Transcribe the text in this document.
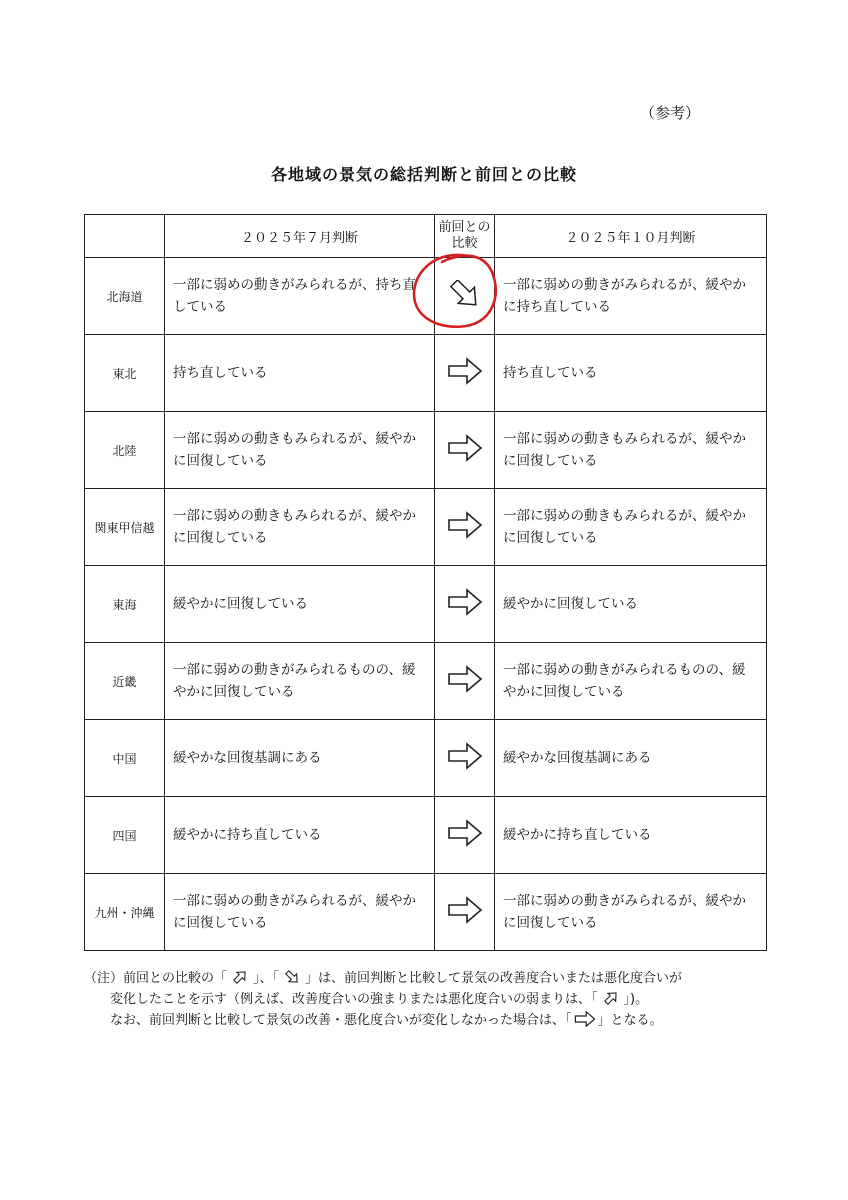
（参考）
各地域の景気の総括判断と前回との比較
	２０２５年７月判断	前回との比較	２０２５年１０月判断
北海道	一部に弱めの動きがみられるが、持ち直している		一部に弱めの動きがみられるが、緩やかに持ち直している
東北	持ち直している		持ち直している
北陸	一部に弱めの動きもみられるが、緩やかに回復している		一部に弱めの動きもみられるが、緩やかに回復している
関東甲信越	一部に弱めの動きもみられるが、緩やかに回復している		一部に弱めの動きもみられるが、緩やかに回復している
東海	緩やかに回復している		緩やかに回復している
近畿	一部に弱めの動きがみられるものの、緩やかに回復している		一部に弱めの動きがみられるものの、緩やかに回復している
中国	緩やかな回復基調にある		緩やかな回復基調にある
四国	緩やかに持ち直している		緩やかに持ち直している
九州・沖縄	一部に弱めの動きがみられるが、緩やかに回復している		一部に弱めの動きがみられるが、緩やかに回復している
（注）前回との比較の「 」、「 」は、前回判断と比較して景気の改善度合いまたは悪化度合いが
変化したことを示す（例えば、改善度合いの強まりまたは悪化度合いの弱まりは、「 」)。
なお、前回判断と比較して景気の改善・悪化度合いが変化しなかった場合は、「 」となる。
